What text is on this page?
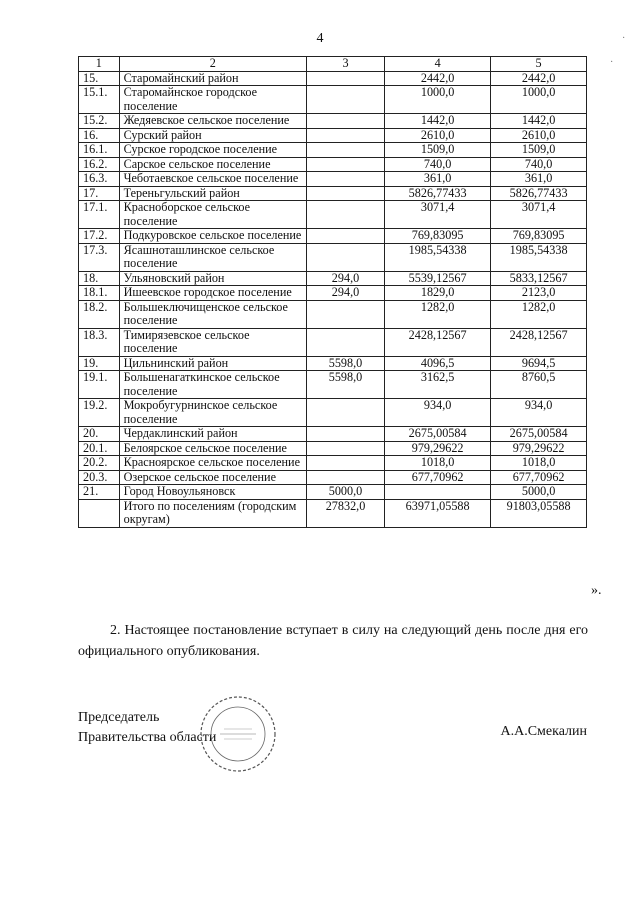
4
1	2	3	4	5
15.	Старомайнский район		2442,0	2442,0
15.1.	Старомайнское городское поселение		1000,0	1000,0
15.2.	Жедяевское сельское поселение		1442,0	1442,0
16.	Сурский район		2610,0	2610,0
16.1.	Сурское городское поселение		1509,0	1509,0
16.2.	Сарское сельское поселение		740,0	740,0
16.3.	Чеботаевское сельское поселение		361,0	361,0
17.	Тереньгульский район		5826,77433	5826,77433
17.1.	Красноборское сельское поселение		3071,4	3071,4
17.2.	Подкуровское сельское поселение		769,83095	769,83095
17.3.	Ясашноташлинское сельское поселение		1985,54338	1985,54338
18.	Ульяновский район	294,0	5539,12567	5833,12567
18.1.	Ишеевское городское поселение	294,0	1829,0	2123,0
18.2.	Большеключищенское сельское поселение		1282,0	1282,0
18.3.	Тимирязевское сельское поселение		2428,12567	2428,12567
19.	Цильнинский район	5598,0	4096,5	9694,5
19.1.	Большенагаткинское сельское поселение	5598,0	3162,5	8760,5
19.2.	Мокробугурнинское сельское поселение		934,0	934,0
20.	Чердаклинский район		2675,00584	2675,00584
20.1.	Белоярское сельское поселение		979,29622	979,29622
20.2.	Красноярское сельское поселение		1018,0	1018,0
20.3.	Озерское сельское поселение		677,70962	677,70962
21.	Город Новоульяновск	5000,0		5000,0
	Итого по поселениям (городским округам)	27832,0	63971,05588	91803,05588
».
2. Настоящее постановление вступает в силу на следующий день после дня его официального опубликования.
Председатель
Правительства области	А.А.Смекалин
·
·
